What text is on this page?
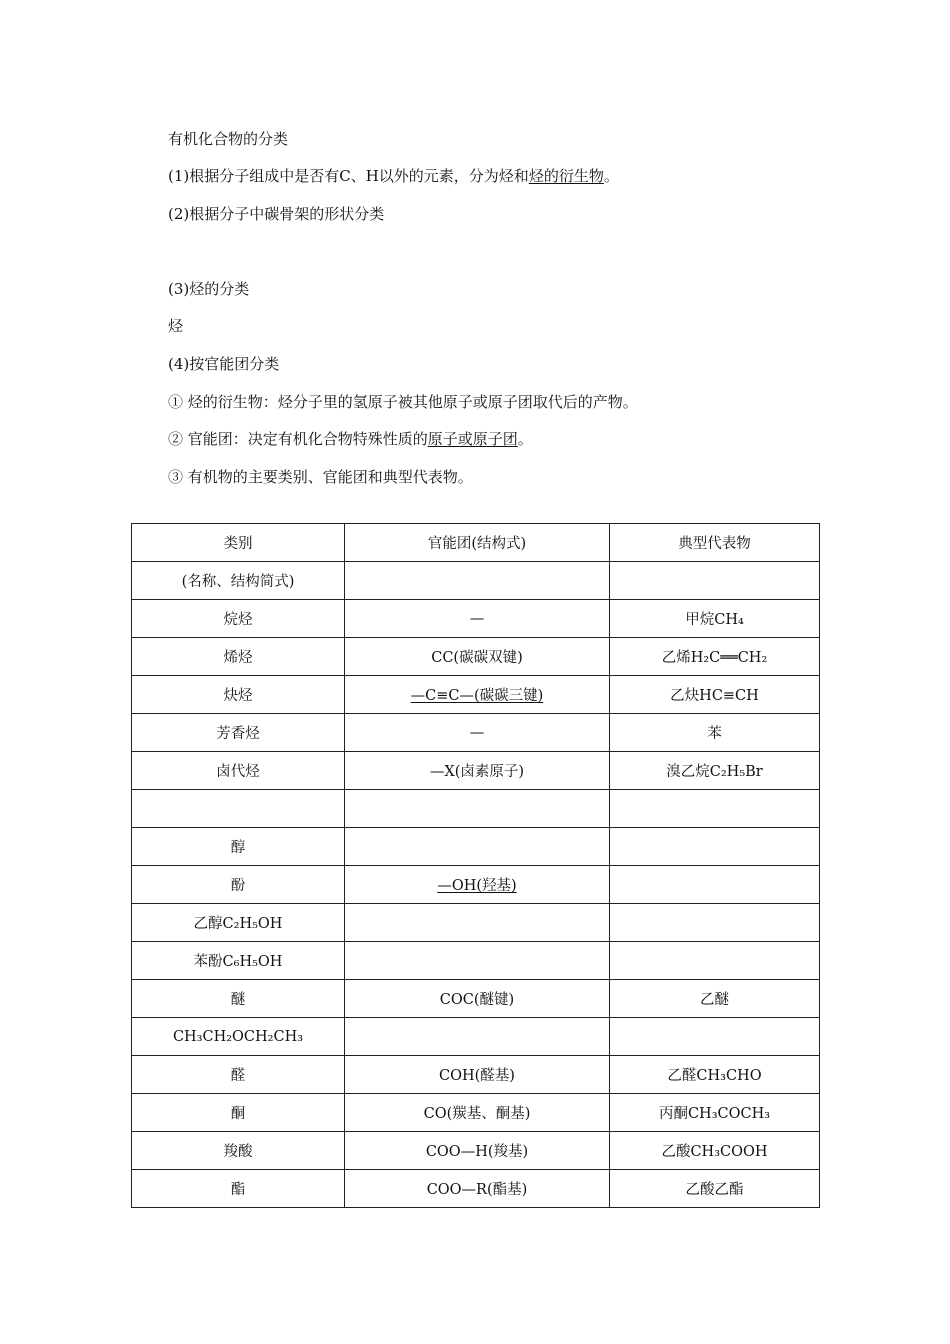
有机化合物的分类
(1)根据分子组成中是否有C、H以外的元素，分为烃和烃的衍生物。
(2)根据分子中碳骨架的形状分类
(3)烃的分类
烃
(4)按官能团分类
① 烃的衍生物：烃分子里的氢原子被其他原子或原子团取代后的产物。
② 官能团：决定有机化合物特殊性质的原子或原子团。
③ 有机物的主要类别、官能团和典型代表物。
类别	官能团(结构式)	典型代表物
(名称、结构简式)		
烷烃	—	甲烷CH₄
烯烃	CC(碳碳双键)	乙烯H₂C══CH₂
炔烃	—C≡C—(碳碳三键)	乙炔HC≡CH
芳香烃	—	苯
卤代烃	—X(卤素原子)	溴乙烷C₂H₅Br

醇		
酚	—OH(羟基)	
乙醇C₂H₅OH		
苯酚C₆H₅OH		
醚	COC(醚键)	乙醚
CH₃CH₂OCH₂CH₃		
醛	COH(醛基)	乙醛CH₃CHO
酮	CO(羰基、酮基)	丙酮CH₃COCH₃
羧酸	COO—H(羧基)	乙酸CH₃COOH
酯	COO—R(酯基)	乙酸乙酯
